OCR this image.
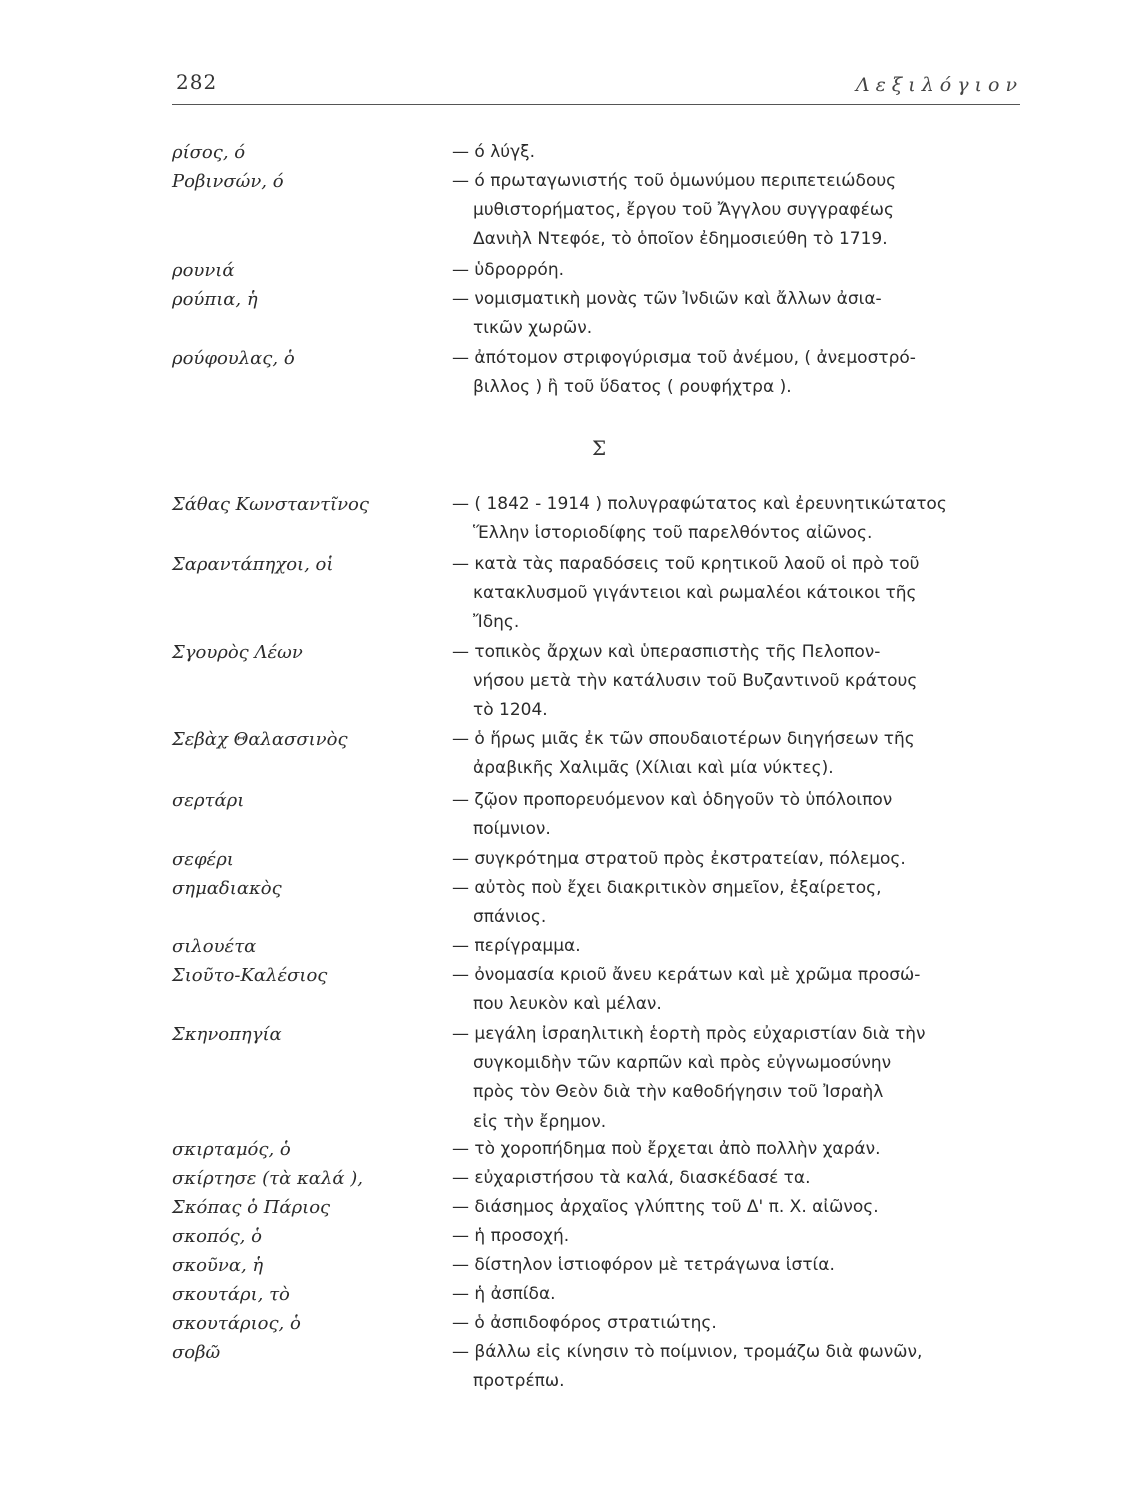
282	Λεξιλόγιον
ρίσος, ό	— ό λύγξ.
Ροβινσών, ό	— ό πρωταγωνιστής τοῦ ὁμωνύμου περιπετειώδους
μυθιστορήματος, ἔργου τοῦ Ἄγγλου συγγραφέως
Δανιὴλ Ντεφόε, τὸ ὁποῖον ἐδημοσιεύθη τὸ 1719.
ρουνιά	— ὑδρορρόη.
ρούπια, ἡ	— νομισματικὴ μονὰς τῶν Ἰνδιῶν καὶ ἄλλων ἀσια-
τικῶν χωρῶν.
ρούφουλας, ὁ	— ἀπότομον στριφογύρισμα τοῦ ἀνέμου, ( ἀνεμοστρό-
βιλλος ) ἢ τοῦ ὕδατος ( ρουφήχτρα ).
Σάθας Κωνσταντῖνος	— ( 1842 - 1914 ) πολυγραφώτατος καὶ ἐρευνητικώτατος
Ἕλλην ἱστοριοδίφης τοῦ παρελθόντος αἰῶνος.
Σαραντάπηχοι, οἱ	— κατὰ τὰς παραδόσεις τοῦ κρητικοῦ λαοῦ οἱ πρὸ τοῦ
κατακλυσμοῦ γιγάντειοι καὶ ρωμαλέοι κάτοικοι τῆς
Ἴδης.
Σγουρὸς Λέων	— τοπικὸς ἄρχων καὶ ὑπερασπιστὴς τῆς Πελοπον-
νήσου μετὰ τὴν κατάλυσιν τοῦ Βυζαντινοῦ κράτους
τὸ 1204.
Σεβὰχ Θαλασσινὸς	— ὁ ἥρως μιᾶς ἐκ τῶν σπουδαιοτέρων διηγήσεων τῆς
ἀραβικῆς Χαλιμᾶς (Χίλιαι καὶ μία νύκτες).
σερτάρι	— ζῷον προπορευόμενον καὶ ὁδηγοῦν τὸ ὑπόλοιπον
ποίμνιον.
σεφέρι	— συγκρότημα στρατοῦ πρὸς ἐκστρατείαν, πόλεμος.
σημαδιακὸς	— αὐτὸς ποὺ ἔχει διακριτικὸν σημεῖον, ἐξαίρετος,
σπάνιος.
σιλουέτα	— περίγραμμα.
Σιοῦτο-Καλέσιος	— ὀνομασία κριοῦ ἄνευ κεράτων καὶ μὲ χρῶμα προσώ-
που λευκὸν καὶ μέλαν.
Σκηνοπηγία	— μεγάλη ἰσραηλιτικὴ ἑορτὴ πρὸς εὐχαριστίαν διὰ τὴν
συγκομιδὴν τῶν καρπῶν καὶ πρὸς εὐγνωμοσύνην
πρὸς τὸν Θεὸν διὰ τὴν καθοδήγησιν τοῦ Ἰσραὴλ
εἰς τὴν ἔρημον.
σκιρταμός, ὁ	— τὸ χοροπήδημα ποὺ ἔρχεται ἀπὸ πολλὴν χαράν.
σκίρτησε (τὰ καλά ),	— εὐχαριστήσου τὰ καλά, διασκέδασέ τα.
Σκόπας ὁ Πάριος	— διάσημος ἀρχαῖος γλύπτης τοῦ Δ' π. Χ. αἰῶνος.
σκοπός, ὁ	— ἡ προσοχή.
σκοῦνα, ἡ	— δίστηλον ἱστιοφόρον μὲ τετράγωνα ἱστία.
σκουτάρι, τὸ	— ἡ ἀσπίδα.
σκουτάριος, ὁ	— ὁ ἀσπιδοφόρος στρατιώτης.
σοβῶ	— βάλλω εἰς κίνησιν τὸ ποίμνιον, τρομάζω διὰ φωνῶν,
προτρέπω.
Σ
